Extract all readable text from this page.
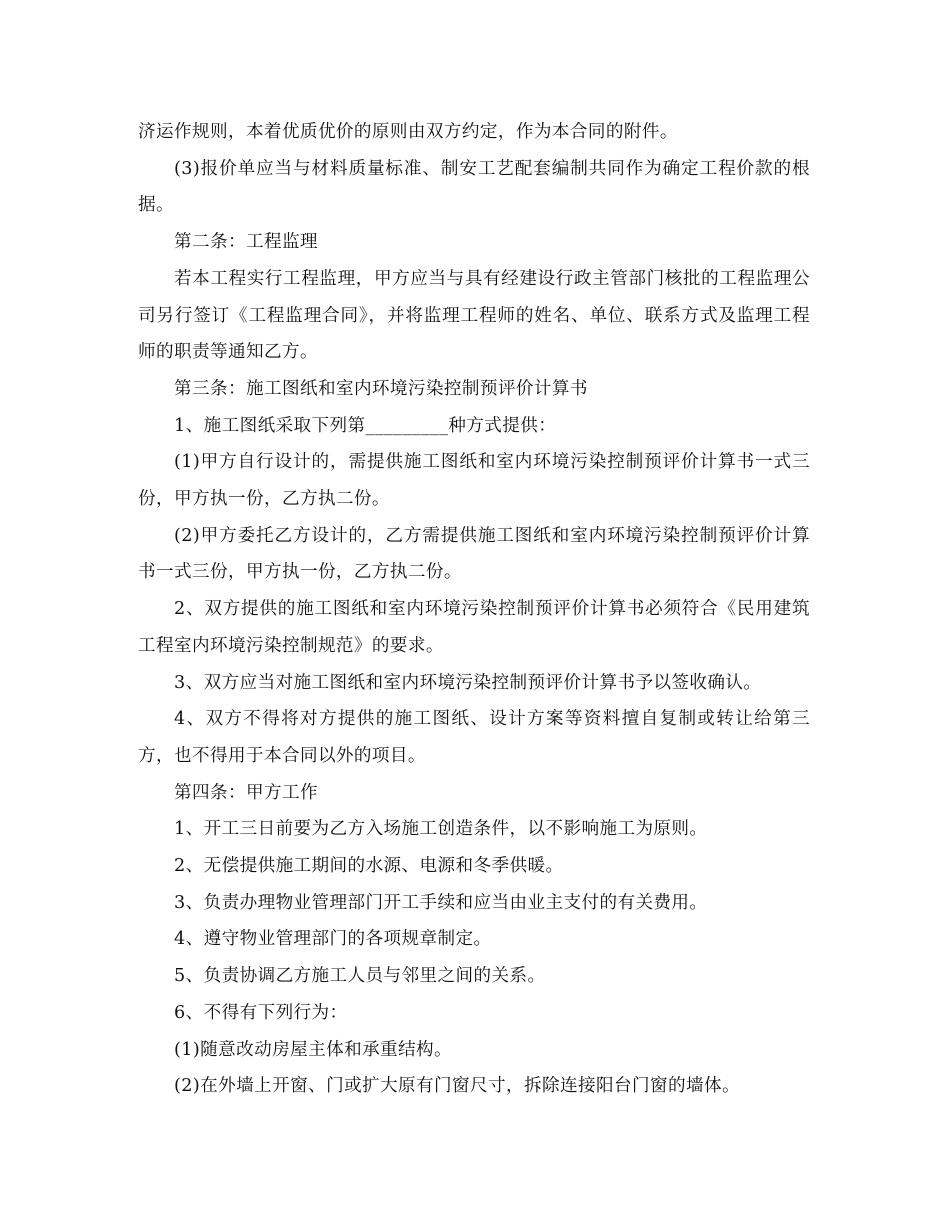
济运作规则，本着优质优价的原则由双方约定，作为本合同的附件。

(3)报价单应当与材料质量标准、制安工艺配套编制共同作为确定工程价款的根据。

第二条：工程监理

若本工程实行工程监理，甲方应当与具有经建设行政主管部门核批的工程监理公司另行签订《工程监理合同》，并将监理工程师的姓名、单位、联系方式及监理工程师的职责等通知乙方。

第三条：施工图纸和室内环境污染控制预评价计算书

1、施工图纸采取下列第_________种方式提供：

(1)甲方自行设计的，需提供施工图纸和室内环境污染控制预评价计算书一式三份，甲方执一份，乙方执二份。

(2)甲方委托乙方设计的，乙方需提供施工图纸和室内环境污染控制预评价计算书一式三份，甲方执一份，乙方执二份。

2、双方提供的施工图纸和室内环境污染控制预评价计算书必须符合《民用建筑工程室内环境污染控制规范》的要求。

3、双方应当对施工图纸和室内环境污染控制预评价计算书予以签收确认。

4、双方不得将对方提供的施工图纸、设计方案等资料擅自复制或转让给第三方，也不得用于本合同以外的项目。

第四条：甲方工作

1、开工三日前要为乙方入场施工创造条件，以不影响施工为原则。

2、无偿提供施工期间的水源、电源和冬季供暖。

3、负责办理物业管理部门开工手续和应当由业主支付的有关费用。

4、遵守物业管理部门的各项规章制定。

5、负责协调乙方施工人员与邻里之间的关系。

6、不得有下列行为：

(1)随意改动房屋主体和承重结构。

(2)在外墙上开窗、门或扩大原有门窗尺寸，拆除连接阳台门窗的墙体。
